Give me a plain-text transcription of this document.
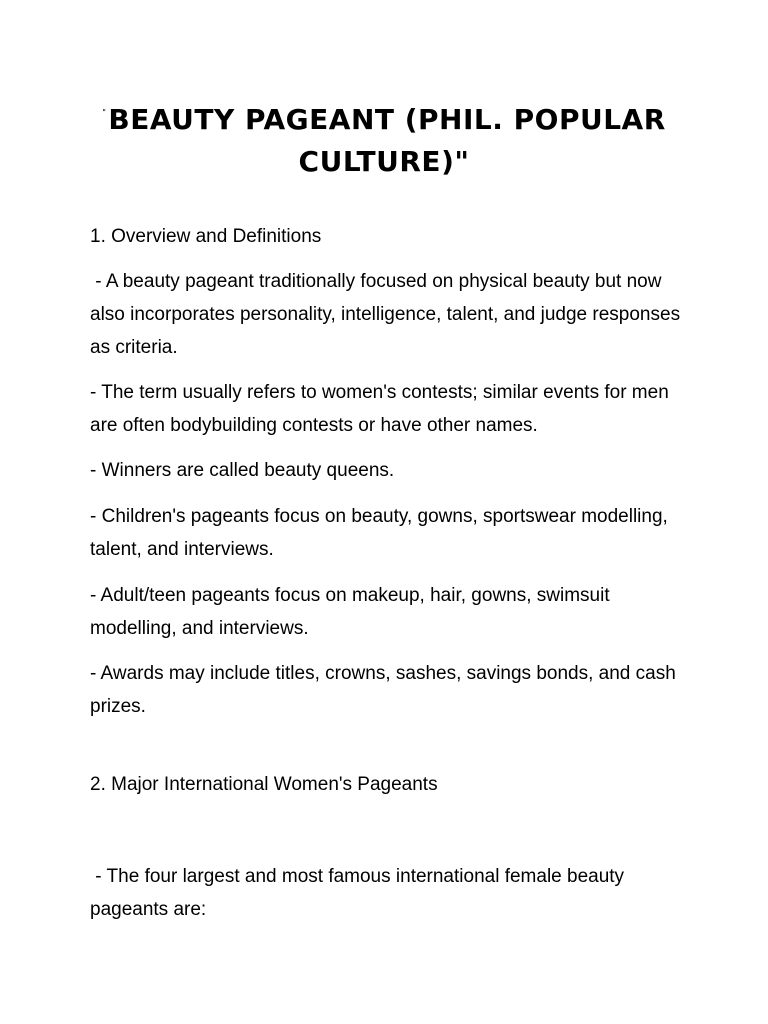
"BEAUTY PAGEANT (PHIL. POPULAR CULTURE)"

1. Overview and Definitions

- A beauty pageant traditionally focused on physical beauty but now also incorporates personality, intelligence, talent, and judge responses as criteria.

- The term usually refers to women's contests; similar events for men are often bodybuilding contests or have other names.

- Winners are called beauty queens.

- Children's pageants focus on beauty, gowns, sportswear modelling, talent, and interviews.

- Adult/teen pageants focus on makeup, hair, gowns, swimsuit modelling, and interviews.

- Awards may include titles, crowns, sashes, savings bonds, and cash prizes.

2. Major International Women's Pageants

- The four largest and most famous international female beauty pageants are:
